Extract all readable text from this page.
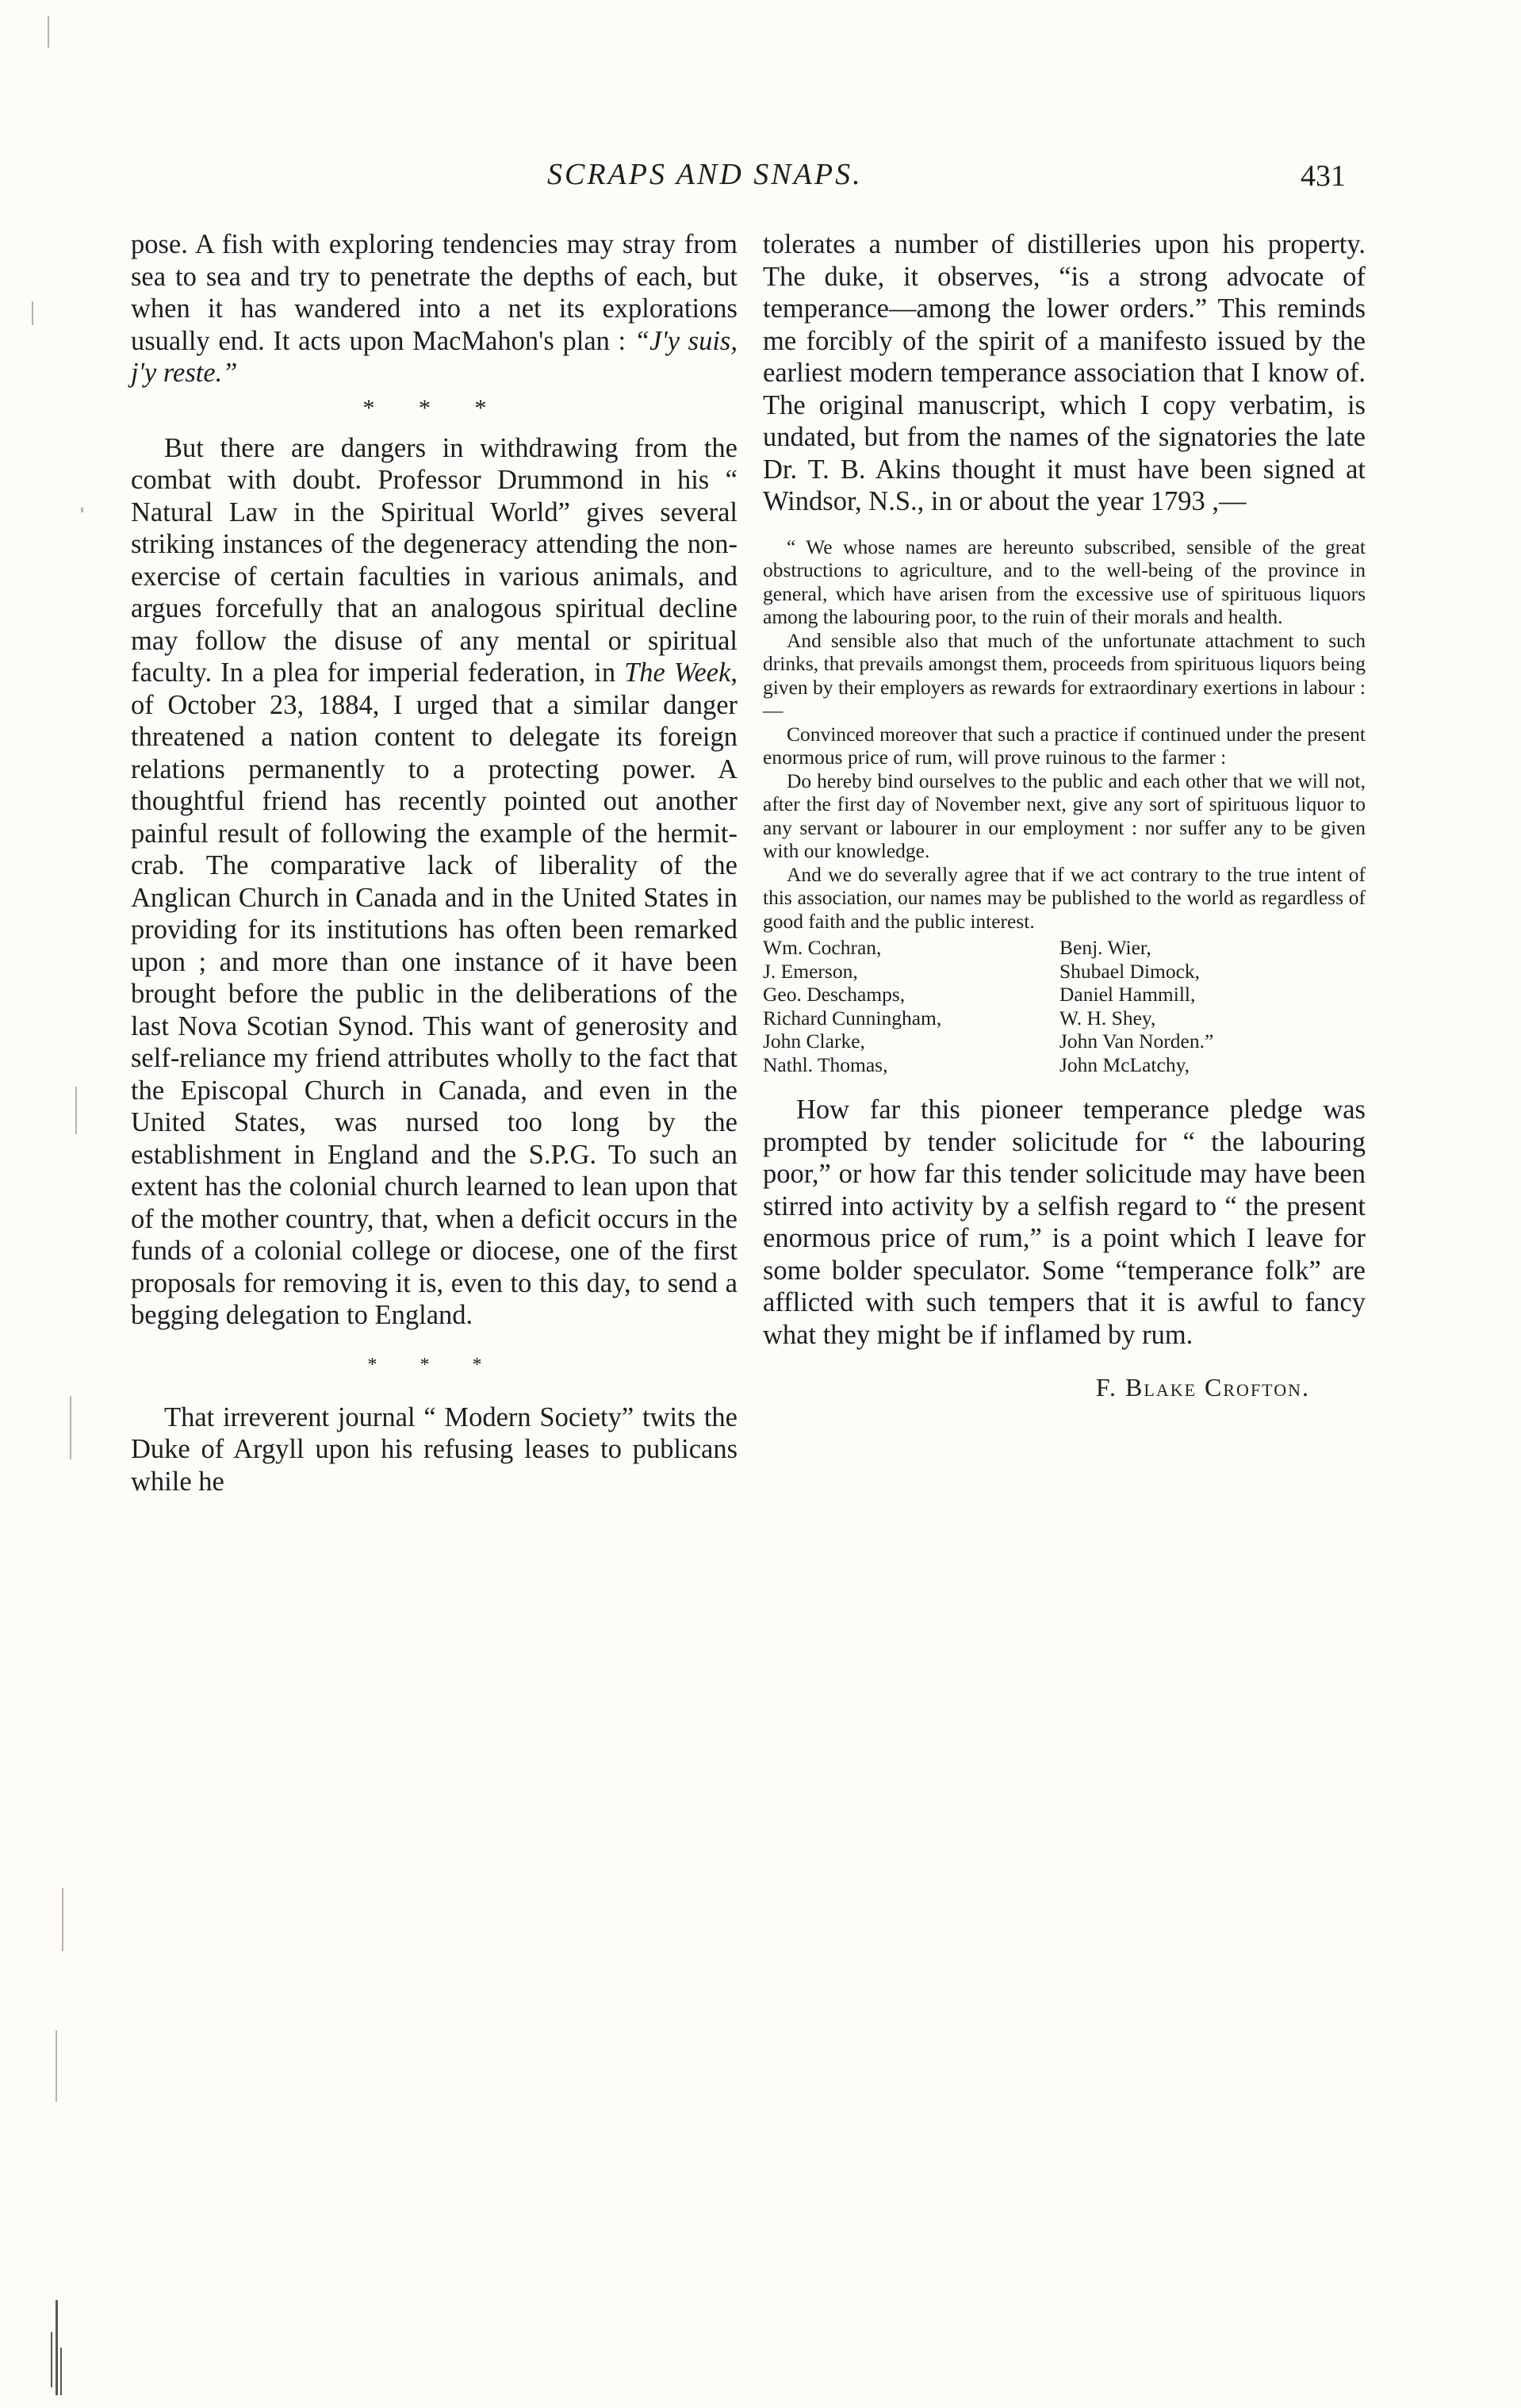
SCRAPS AND SNAPS.	431

pose. A fish with exploring tendencies may stray from sea to sea and try to penetrate the depths of each, but when it has wandered into a net its explorations usually end. It acts upon MacMahon's plan : “J'y suis, j'y reste.”

* * *

But there are dangers in withdrawing from the combat with doubt. Professor Drummond in his “ Natural Law in the Spiritual World” gives several striking instances of the degeneracy attending the non-exercise of certain faculties in various animals, and argues forcefully that an analogous spiritual decline may follow the disuse of any mental or spiritual faculty. In a plea for imperial federation, in The Week, of October 23, 1884, I urged that a similar danger threatened a nation content to delegate its foreign relations permanently to a protecting power. A thoughtful friend has recently pointed out another painful result of following the example of the hermit-crab. The comparative lack of liberality of the Anglican Church in Canada and in the United States in providing for its institutions has often been remarked upon ; and more than one instance of it have been brought before the public in the deliberations of the last Nova Scotian Synod. This want of generosity and self-reliance my friend attributes wholly to the fact that the Episcopal Church in Canada, and even in the United States, was nursed too long by the establishment in England and the S.P.G. To such an extent has the colonial church learned to lean upon that of the mother country, that, when a deficit occurs in the funds of a colonial college or diocese, one of the first proposals for removing it is, even to this day, to send a begging delegation to England.

* * *

That irreverent journal “ Modern Society” twits the Duke of Argyll upon his refusing leases to publicans while he

tolerates a number of distilleries upon his property. The duke, it observes, “is a strong advocate of temperance—among the lower orders.” This reminds me forcibly of the spirit of a manifesto issued by the earliest modern temperance association that I know of. The original manuscript, which I copy verbatim, is undated, but from the names of the signatories the late Dr. T. B. Akins thought it must have been signed at Windsor, N.S., in or about the year 1793 ,—

“ We whose names are hereunto subscribed, sensible of the great obstructions to agriculture, and to the well-being of the province in general, which have arisen from the excessive use of spirituous liquors among the labouring poor, to the ruin of their morals and health.

And sensible also that much of the unfortunate attachment to such drinks, that prevails amongst them, proceeds from spirituous liquors being given by their employers as rewards for extraordinary exertions in labour :—

Convinced moreover that such a practice if continued under the present enormous price of rum, will prove ruinous to the farmer :

Do hereby bind ourselves to the public and each other that we will not, after the first day of November next, give any sort of spirituous liquor to any servant or labourer in our employment : nor suffer any to be given with our knowledge.

And we do severally agree that if we act contrary to the true intent of this association, our names may be published to the world as regardless of good faith and the public interest.

Wm. Cochran,	Benj. Wier,
J. Emerson,	Shubael Dimock,
Geo. Deschamps,	Daniel Hammill,
Richard Cunningham,	W. H. Shey,
John Clarke,	John Van Norden.”
Nathl. Thomas,	John McLatchy,

How far this pioneer temperance pledge was prompted by tender solicitude for “ the labouring poor,” or how far this tender solicitude may have been stirred into activity by a selfish regard to “ the present enormous price of rum,” is a point which I leave for some bolder speculator. Some “temperance folk” are afflicted with such tempers that it is awful to fancy what they might be if inflamed by rum.

F. Blake Crofton.
